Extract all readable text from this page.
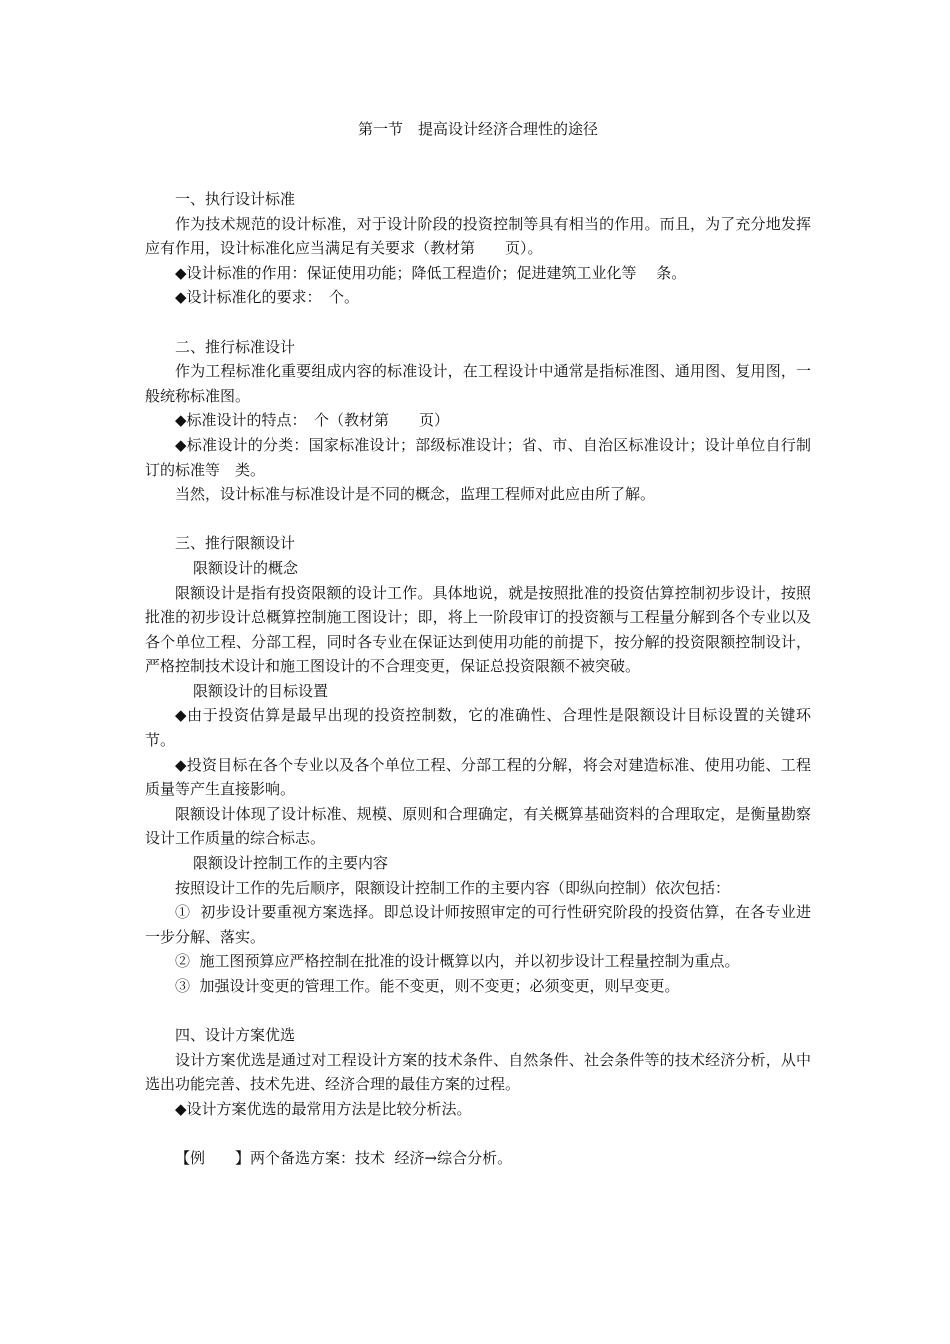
第一节　提高设计经济合理性的途径

一、执行设计标准

作为技术规范的设计标准，对于设计阶段的投资控制等具有相当的作用。而且，为了充分地发挥应有作用，设计标准化应当满足有关要求（教材第　　页）。

◆设计标准的作用：保证使用功能；降低工程造价；促进建筑工业化等　 条。

◆设计标准化的要求：　个。

二、推行标准设计

作为工程标准化重要组成内容的标准设计，在工程设计中通常是指标准图、通用图、复用图，一般统称标准图。

◆标准设计的特点：　个（教材第　　页）

◆标准设计的分类：国家标准设计；部级标准设计；省、市、自治区标准设计；设计单位自行制订的标准等　类。

当然，设计标准与标准设计是不同的概念，监理工程师对此应由所了解。

三、推行限额设计

限额设计的概念

限额设计是指有投资限额的设计工作。具体地说，就是按照批准的投资估算控制初步设计，按照批准的初步设计总概算控制施工图设计；即，将上一阶段审订的投资额与工程量分解到各个专业以及各个单位工程、分部工程，同时各专业在保证达到使用功能的前提下，按分解的投资限额控制设计，严格控制技术设计和施工图设计的不合理变更，保证总投资限额不被突破。

限额设计的目标设置

◆由于投资估算是最早出现的投资控制数，它的准确性、合理性是限额设计目标设置的关键环节。

◆投资目标在各个专业以及各个单位工程、分部工程的分解，将会对建造标准、使用功能、工程质量等产生直接影响。

限额设计体现了设计标准、规模、原则和合理确定，有关概算基础资料的合理取定，是衡量勘察设计工作质量的综合标志。

限额设计控制工作的主要内容

按照设计工作的先后顺序，限额设计控制工作的主要内容（即纵向控制）依次包括：

①  初步设计要重视方案选择。即总设计师按照审定的可行性研究阶段的投资估算，在各专业进一步分解、落实。

②  施工图预算应严格控制在批准的设计概算以内，并以初步设计工程量控制为重点。

③  加强设计变更的管理工作。能不变更，则不变更；必须变更，则早变更。

四、设计方案优选

设计方案优选是通过对工程设计方案的技术条件、自然条件、社会条件等的技术经济分析，从中选出功能完善、技术先进、经济合理的最佳方案的过程。

◆设计方案优选的最常用方法是比较分析法。

【例　　】两个备选方案：技术  经济→综合分析。
